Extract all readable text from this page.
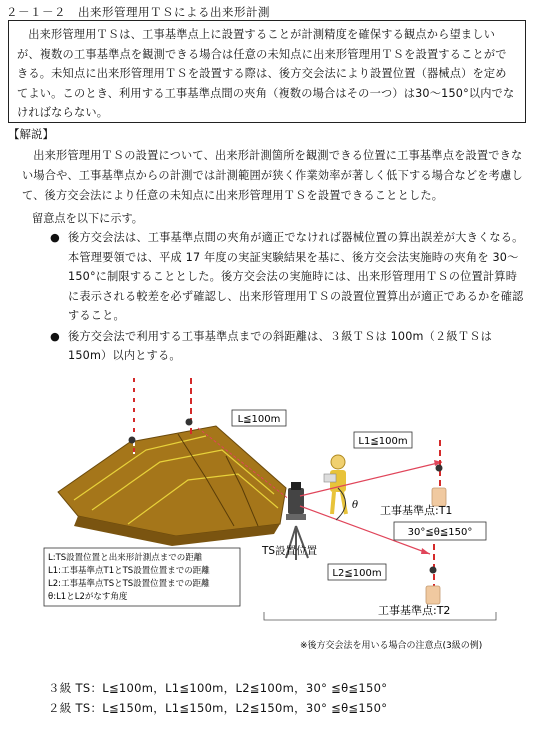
２－１－２　出来形管理用ＴＳによる出来形計測

出来形管理用ＴＳは、工事基準点上に設置することが計測精度を確保する観点から望ましいが、複数の工事基準点を観測できる場合は任意の未知点に出来形管理用ＴＳを設置することができる。未知点に出来形管理用ＴＳを設置する際は、後方交会法により設置位置（器械点）を定めてよい。このとき、利用する工事基準点間の夾角（複数の場合はその一つ）は30～150°以内でなければならない。

【解説】

出来形管理用ＴＳの設置について、出来形計測箇所を観測できる位置に工事基準点を設置できない場合や、工事基準点からの計測では計測範囲が狭く作業効率が著しく低下する場合などを考慮して、後方交会法により任意の未知点に出来形管理用ＴＳを設置できることとした。

留意点を以下に示す。
● 後方交会法は、工事基準点間の夾角が適正でなければ器械位置の算出誤差が大きくなる。本管理要領では、平成 17 年度の実証実験結果を基に、後方交会法実施時の夾角を 30～150°に制限することとした。後方交会法の実施時には、出来形管理用ＴＳの位置計算時に表示される較差を必ず確認し、出来形管理用ＴＳの設置位置算出が適正であるかを確認すること。
● 後方交会法で利用する工事基準点までの斜距離は、３級ＴＳは 100m（２級ＴＳは 150m）以内とする。
L≦100m
TS設置位置
θ
L1≦100m
L2≦100m
30°≦θ≦150°
工事基準点:T1
工事基準点:T2
L:TS設置位置と出来形計測点までの距離
L1:工事基準点T1とTS設置位置までの距離
L2:工事基準点TSとTS設置位置までの距離
θ:L1とL2がなす角度
※後方交会法を用いる場合の注意点(3級の例)
３級 TS：L≦100m，L1≦100m，L2≦100m，30° ≦θ≦150°
２級 TS：L≦150m，L1≦150m，L2≦150m，30° ≦θ≦150°
